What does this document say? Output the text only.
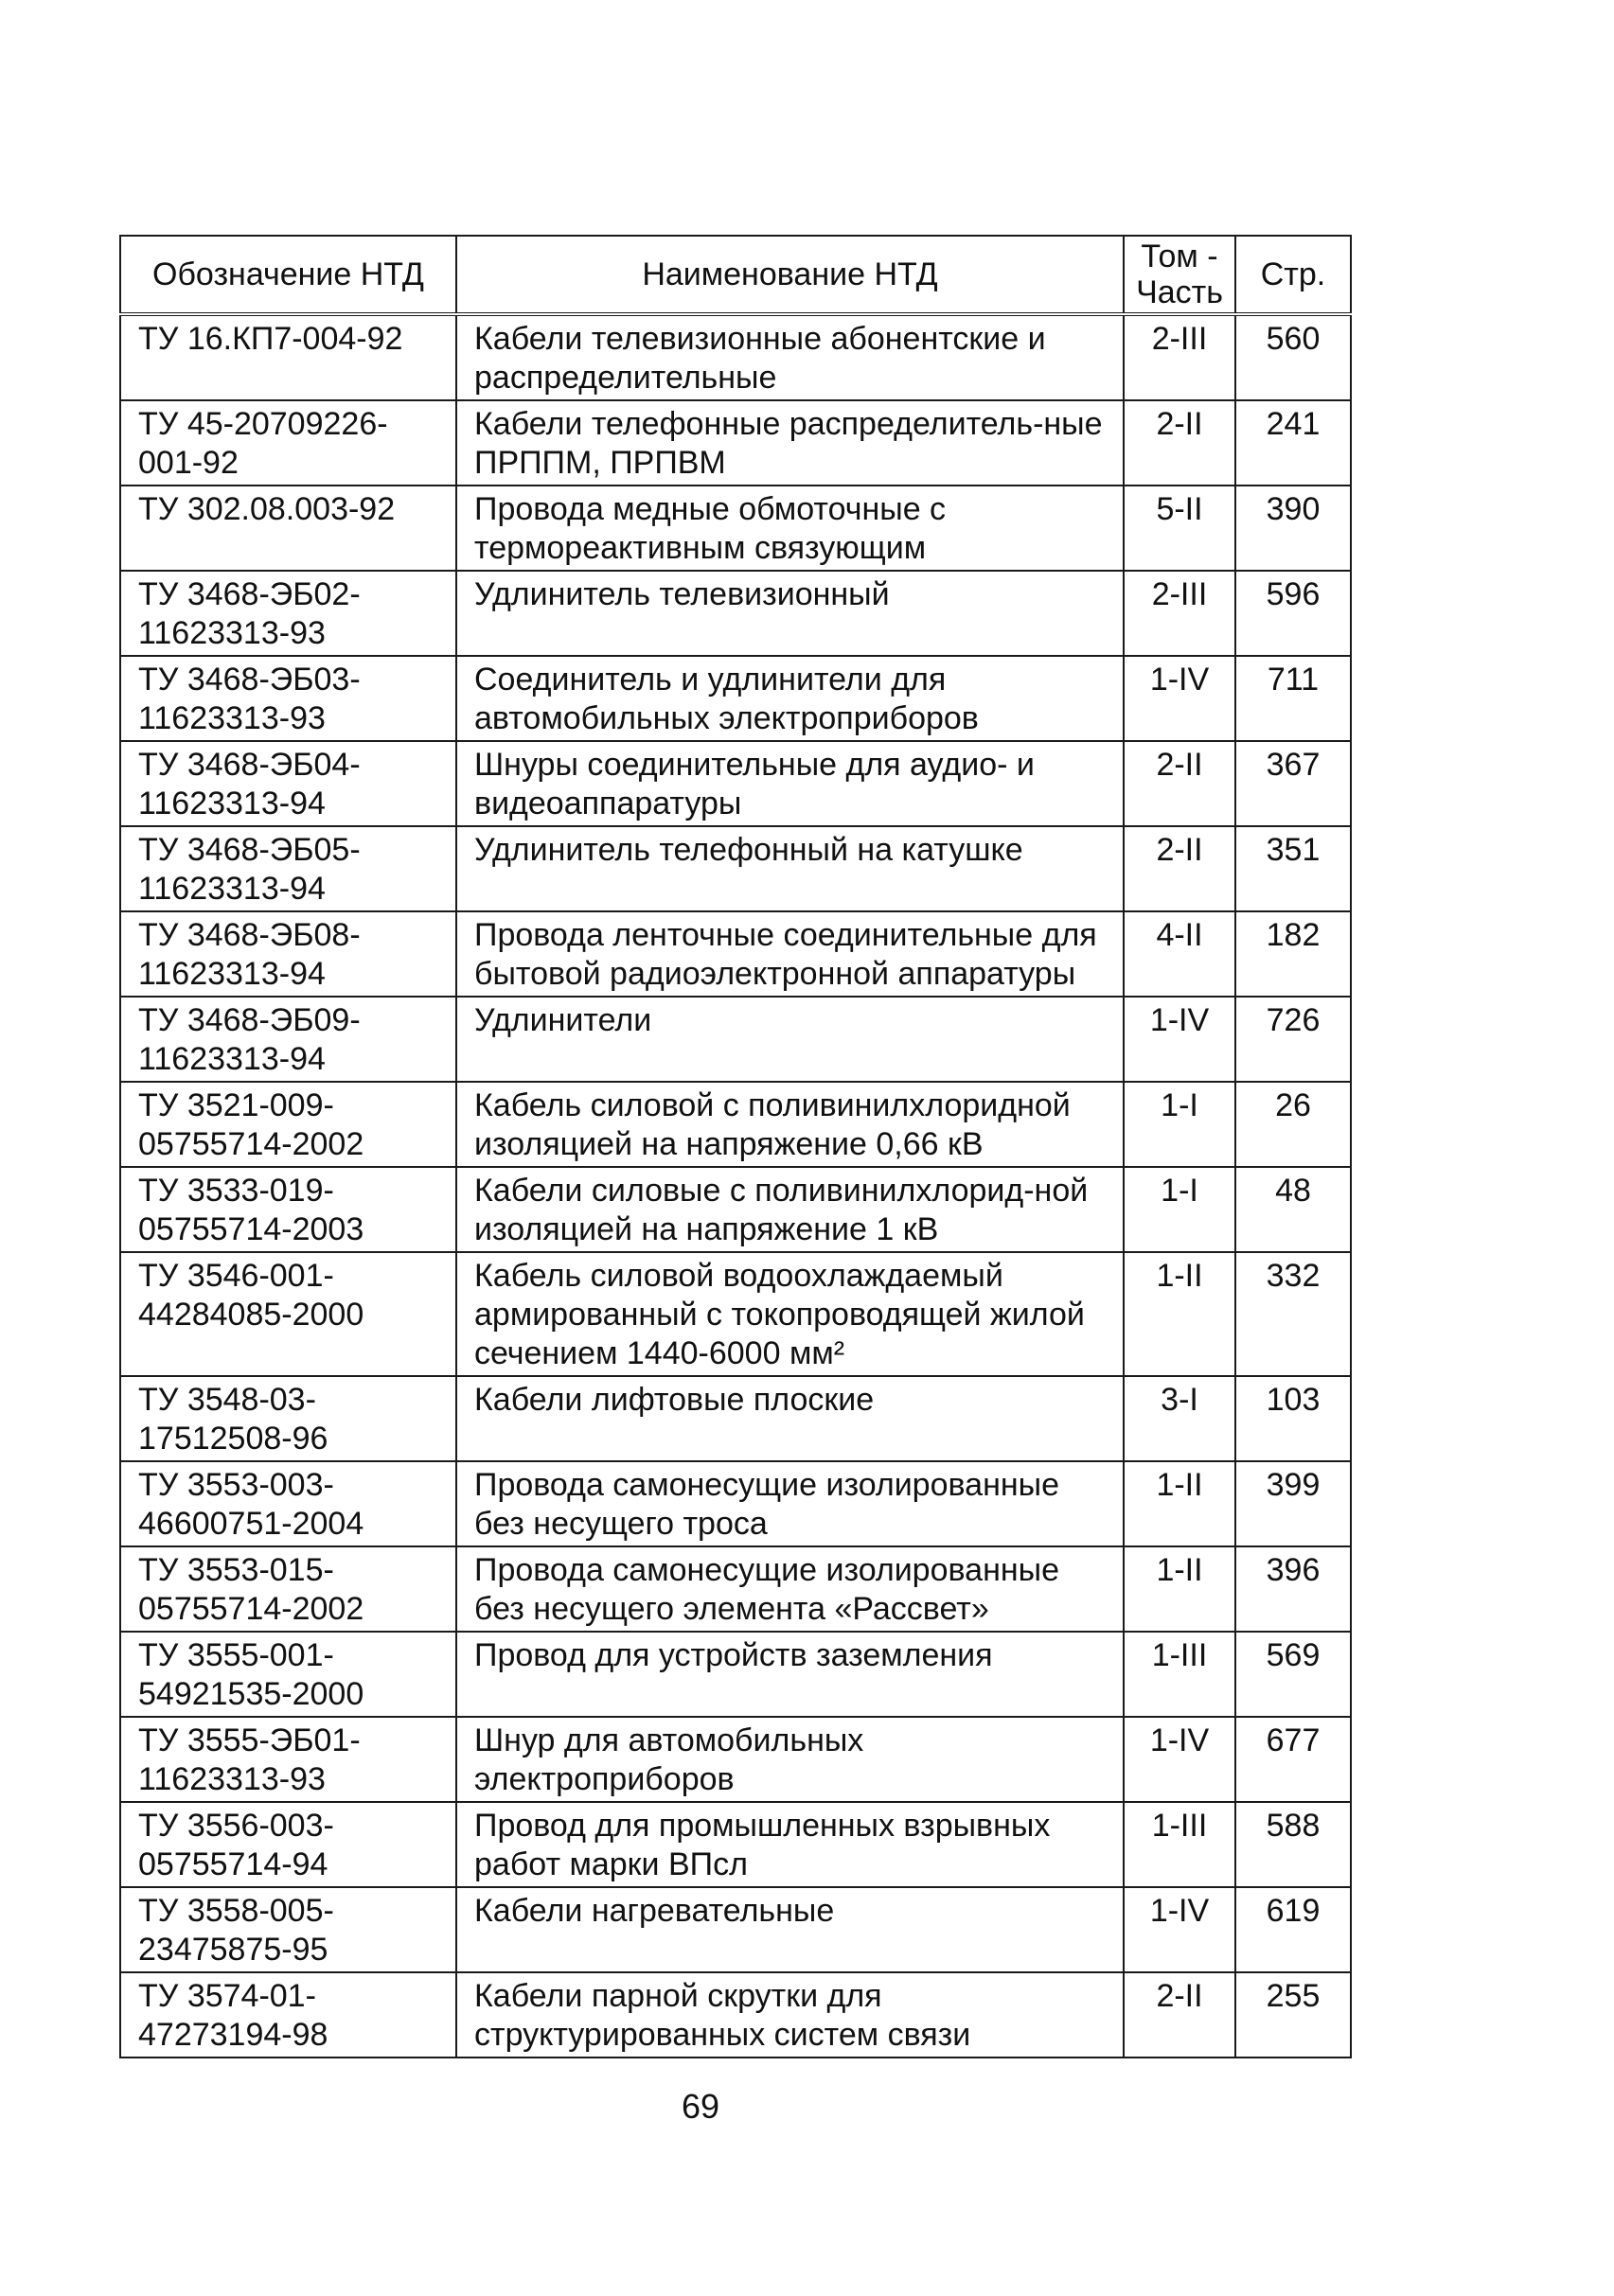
Обозначение НТД	Наименование НТД	Том - Часть	Стр.
ТУ 16.КП7-004-92	Кабели телевизионные абонентские и распределительные	2-III	560
ТУ 45-20709226-001-92	Кабели телефонные распределитель-ные ПРППМ, ПРПВМ	2-II	241
ТУ 302.08.003-92	Провода медные обмоточные с термореактивным связующим	5-II	390
ТУ 3468-ЭБ02-11623313-93	Удлинитель телевизионный	2-III	596
ТУ 3468-ЭБ03-11623313-93	Соединитель и удлинители для автомобильных электроприборов	1-IV	711
ТУ 3468-ЭБ04-11623313-94	Шнуры соединительные для аудио- и видеоаппаратуры	2-II	367
ТУ 3468-ЭБ05-11623313-94	Удлинитель телефонный на катушке	2-II	351
ТУ 3468-ЭБ08-11623313-94	Провода ленточные соединительные для бытовой радиоэлектронной аппаратуры	4-II	182
ТУ 3468-ЭБ09-11623313-94	Удлинители	1-IV	726
ТУ 3521-009-05755714-2002	Кабель силовой с поливинилхлоридной изоляцией на напряжение 0,66 кВ	1-I	26
ТУ 3533-019-05755714-2003	Кабели силовые с поливинилхлорид-ной изоляцией на напряжение 1 кВ	1-I	48
ТУ 3546-001-44284085-2000	Кабель силовой водоохлаждаемый армированный с токопроводящей жилой сечением 1440-6000 мм²	1-II	332
ТУ 3548-03-17512508-96	Кабели лифтовые плоские	3-I	103
ТУ 3553-003-46600751-2004	Провода самонесущие изолированные без несущего троса	1-II	399
ТУ 3553-015-05755714-2002	Провода самонесущие изолированные без несущего элемента «Рассвет»	1-II	396
ТУ 3555-001-54921535-2000	Провод для устройств заземления	1-III	569
ТУ 3555-ЭБ01-11623313-93	Шнур для автомобильных электроприборов	1-IV	677
ТУ 3556-003-05755714-94	Провод для промышленных взрывных работ марки ВПсл	1-III	588
ТУ 3558-005-23475875-95	Кабели нагревательные	1-IV	619
ТУ 3574-01-47273194-98	Кабели парной скрутки для структурированных систем связи	2-II	255
69
